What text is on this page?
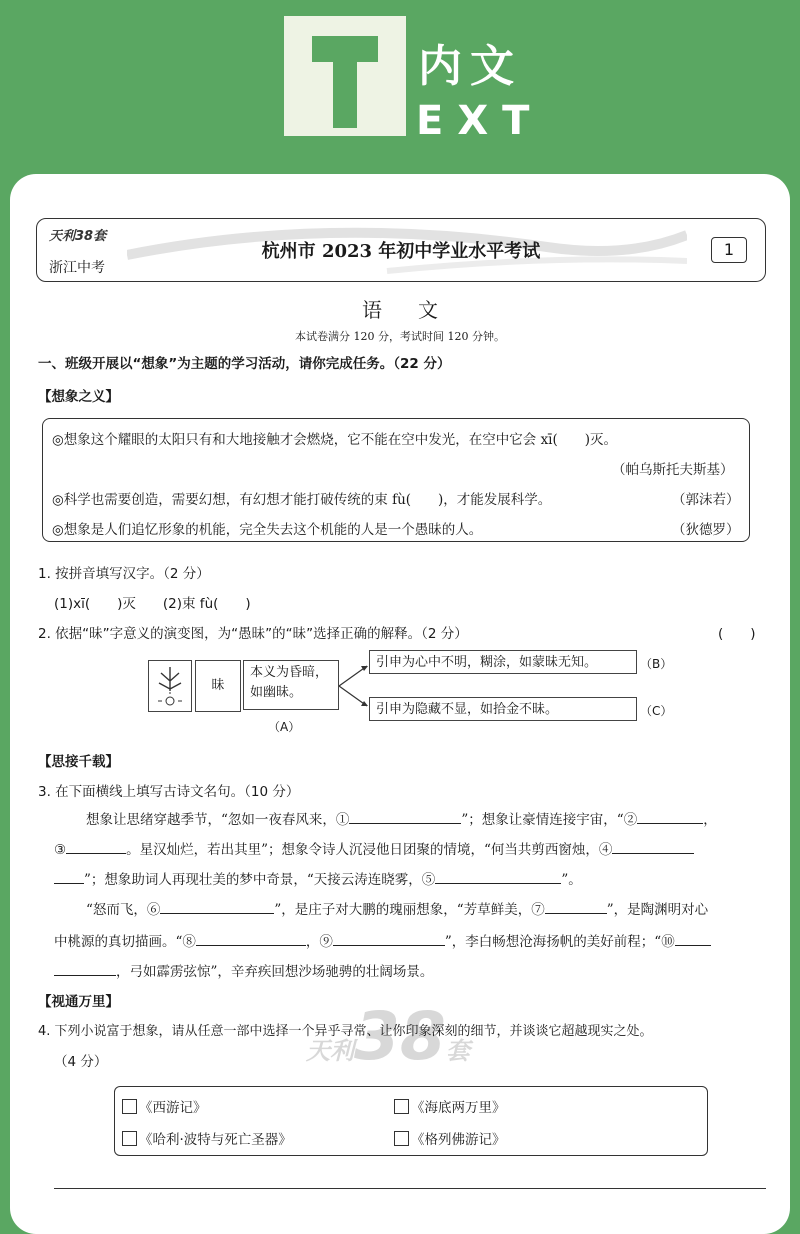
内文
EXT
天利38套
浙江中考
杭州市 2023 年初中学业水平考试	1
语文
本试卷满分 120 分，考试时间 120 分钟。
一、班级开展以“想象”为主题的学习活动，请你完成任务。（22 分）
【想象之义】
◎想象这个耀眼的太阳只有和大地接触才会燃烧，它不能在空中发光，在空中它会 xī(　　)灭。
（帕乌斯托夫斯基）
◎科学也需要创造，需要幻想，有幻想才能打破传统的束 fù(　　)，才能发展科学。	（郭沫若）
◎想象是人们追忆形象的机能，完全失去这个机能的人是一个愚昧的人。	（狄德罗）
1. 按拼音填写汉字。（2 分）
(1)xī(　　)灭　　(2)束 fù(　　)
2. 依据“昧”字意义的演变图，为“愚昧”的“昧”选择正确的解释。（2 分）	(　　)
昧
本义为昏暗，如幽昧。
（A）
引申为心中不明，糊涂，如蒙昧无知。	（B）
引申为隐藏不显，如拾金不昧。	（C）
【思接千载】
3. 在下面横线上填写古诗文名句。（10 分）
想象让思绪穿越季节，“忽如一夜春风来，①	”；想象让豪情连接宇宙，“②	，
③	。星汉灿烂，若出其里”；想象令诗人沉浸他日团聚的情境，“何当共剪西窗烛，④
”；想象助词人再现壮美的梦中奇景，“天接云涛连晓雾，⑤	”。
“怒而飞，⑥	”，是庄子对大鹏的瑰丽想象，“芳草鲜美，⑦	”，是陶渊明对心
中桃源的真切描画。“⑧	，⑨	”，李白畅想沧海扬帆的美好前程；“⑩
，弓如霹雳弦惊”，辛弃疾回想沙场驰骋的壮阔场景。
【视通万里】
天利38套
4. 下列小说富于想象，请从任意一部中选择一个异乎寻常、让你印象深刻的细节，并谈谈它超越现实之处。
（4 分）
《西游记》	《海底两万里》
《哈利·波特与死亡圣器》	《格列佛游记》
